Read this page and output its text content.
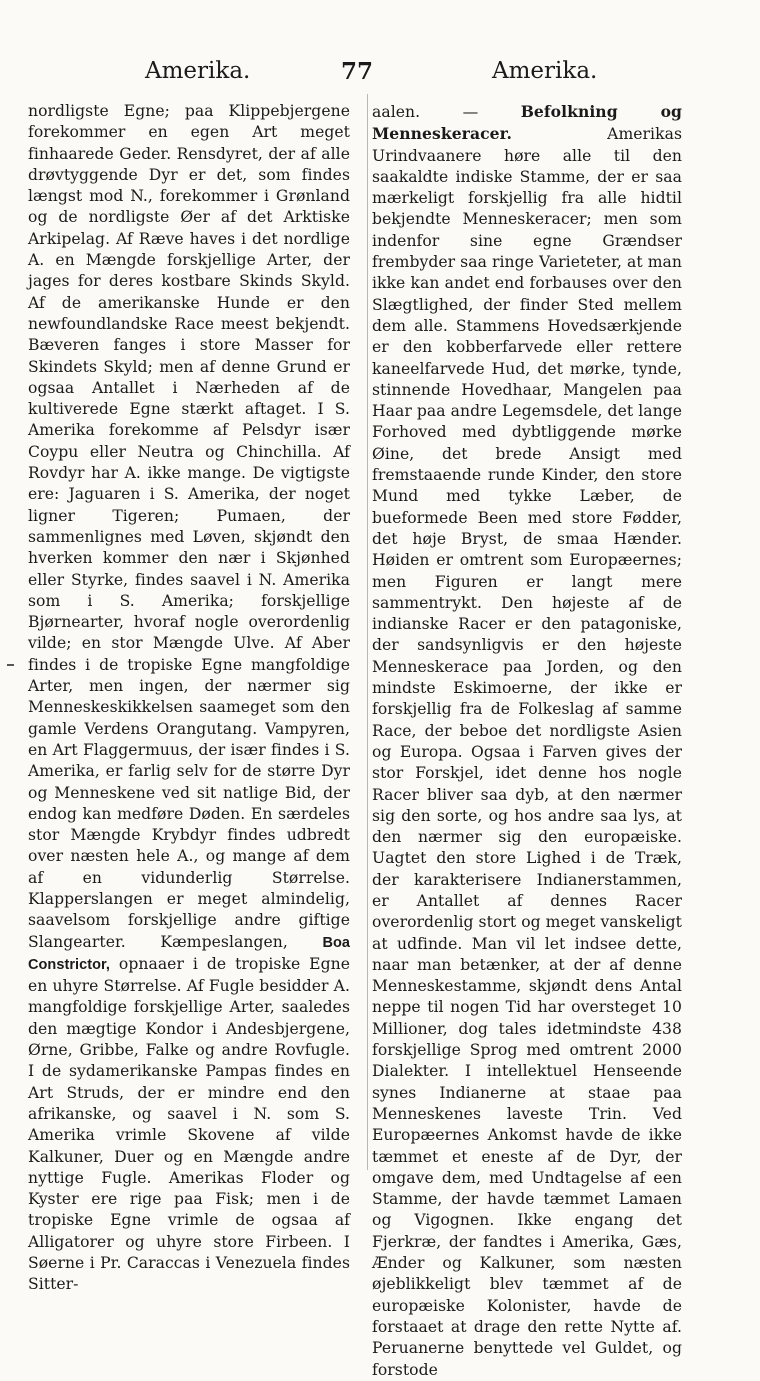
Amerika.	77	Amerika.

nordligste Egne; paa Klippebjergene forekommer en egen Art meget finhaarede Geder. Rensdyret, der af alle drøvtyggende Dyr er det, som findes længst mod N., forekommer i Grønland og de nordligste Øer af det Arktiske Arkipelag. Af Ræve haves i det nordlige A. en Mængde forskjellige Arter, der jages for deres kostbare Skinds Skyld. Af de amerikanske Hunde er den newfoundlandske Race meest bekjendt. Bæveren fanges i store Masser for Skindets Skyld; men af denne Grund er ogsaa Antallet i Nærheden af de kultiverede Egne stærkt aftaget. I S. Amerika forekomme af Pelsdyr især Coypu eller Neutra og Chinchilla. Af Rovdyr har A. ikke mange. De vigtigste ere: Jaguaren i S. Amerika, der noget ligner Tigeren; Pumaen, der sammenlignes med Løven, skjøndt den hverken kommer den nær i Skjønhed eller Styrke, findes saavel i N. Amerika som i S. Amerika; forskjellige Bjørnearter, hvoraf nogle overordenlig vilde; en stor Mængde Ulve. Af Aber findes i de tropiske Egne mangfoldige Arter, men ingen, der nærmer sig Menneskeskikkelsen saameget som den gamle Verdens Orangutang. Vampyren, en Art Flaggermuus, der især findes i S. Amerika, er farlig selv for de større Dyr og Menneskene ved sit natlige Bid, der endog kan medføre Døden. En særdeles stor Mængde Krybdyr findes udbredt over næsten hele A., og mange af dem af en vidunderlig Størrelse. Klapperslangen er meget almindelig, saavelsom forskjellige andre giftige Slangearter. Kæmpeslangen, Boa Constrictor, opnaaer i de tropiske Egne en uhyre Størrelse. Af Fugle besidder A. mangfoldige forskjellige Arter, saaledes den mægtige Kondor i Andesbjergene, Ørne, Gribbe, Falke og andre Rovfugle. I de sydamerikanske Pampas findes en Art Struds, der er mindre end den afrikanske, og saavel i N. som S. Amerika vrimle Skovene af vilde Kalkuner, Duer og en Mængde andre nyttige Fugle. Amerikas Floder og Kyster ere rige paa Fisk; men i de tropiske Egne vrimle de ogsaa af Alligatorer og uhyre store Firbeen. I Søerne i Pr. Caraccas i Venezuela findes Sitter-

aalen. — Befolkning og Menneskeracer. Amerikas Urindvaanere høre alle til den saakaldte indiske Stamme, der er saa mærkeligt forskjellig fra alle hidtil bekjendte Menneskeracer; men som indenfor sine egne Grændser frembyder saa ringe Varieteter, at man ikke kan andet end forbauses over den Slægtlighed, der finder Sted mellem dem alle. Stammens Hovedsærkjende er den kobberfarvede eller rettere kaneelfarvede Hud, det mørke, tynde, stinnende Hovedhaar, Mangelen paa Haar paa andre Legemsdele, det lange Forhoved med dybtliggende mørke Øine, det brede Ansigt med fremstaaende runde Kinder, den store Mund med tykke Læber, de bueformede Been med store Fødder, det høje Bryst, de smaa Hænder. Høiden er omtrent som Europæernes; men Figuren er langt mere sammentrykt. Den højeste af de indianske Racer er den patagoniske, der sandsynligvis er den højeste Menneskerace paa Jorden, og den mindste Eskimoerne, der ikke er forskjellig fra de Folkeslag af samme Race, der beboe det nordligste Asien og Europa. Ogsaa i Farven gives der stor Forskjel, idet denne hos nogle Racer bliver saa dyb, at den nærmer sig den sorte, og hos andre saa lys, at den nærmer sig den europæiske. Uagtet den store Lighed i de Træk, der karakterisere Indianerstammen, er Antallet af dennes Racer overordenlig stort og meget vanskeligt at udfinde. Man vil let indsee dette, naar man betænker, at der af denne Menneskestamme, skjøndt dens Antal neppe til nogen Tid har oversteget 10 Millioner, dog tales idetmindste 438 forskjellige Sprog med omtrent 2000 Dialekter. I intellektuel Henseende synes Indianerne at staae paa Menneskenes laveste Trin. Ved Europæernes Ankomst havde de ikke tæmmet et eneste af de Dyr, der omgave dem, med Undtagelse af een Stamme, der havde tæmmet Lamaen og Vigognen. Ikke engang det Fjerkræ, der fandtes i Amerika, Gæs, Ænder og Kalkuner, som næsten øjeblikkeligt blev tæmmet af de europæiske Kolonister, havde de forstaaet at drage den rette Nytte af. Peruanerne benyttede vel Guldet, og forstode
